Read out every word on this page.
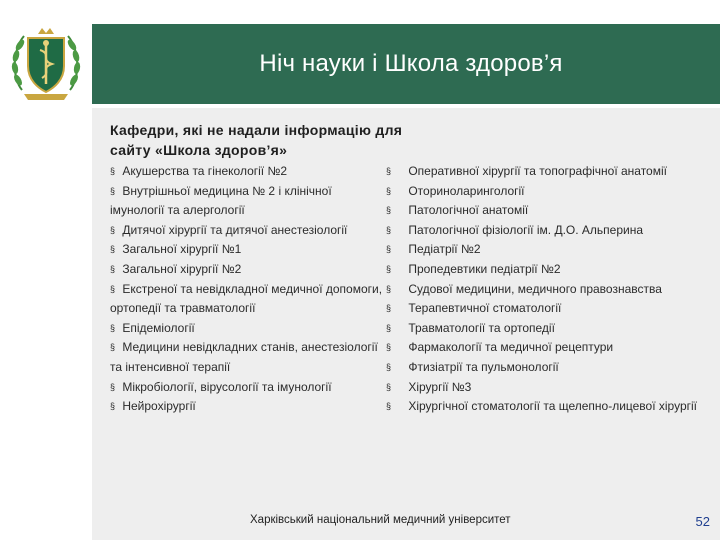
Ніч науки і Школа здоров’я
Кафедри, які не надали інформацію для сайту «Школа здоров’я»
§ Акушерства та гінекології №2
§ Внутрішньої медицина № 2 і клінічної імунології та алергології
§ Дитячої хірургії та дитячої анестезіології
§ Загальної хірургії №1
§ Загальної хірургії №2
§ Екстреної та невідкладної медичної допомоги, ортопедії та травматології
§ Епідеміології
§ Медицини невідкладних станів, анестезіології та інтенсивної терапії
§ Мікробіології, вірусології та імунології
§ Нейрохірургії
§ Оперативної хірургії та топографічної анатомії
§ Оториноларингології
§ Патологічної анатомії
§ Патологічної фізіології ім. Д.О. Альперина
§ Педіатрії №2
§ Пропедевтики педіатрії №2
§ Судової медицини, медичного правознавства
§ Терапевтичної стоматології
§ Травматології та ортопедії
§ Фармакології та медичної рецептури
§ Фтизіатрії та пульмонології
§ Хірургії №3
§ Хірургічної стоматології та щелепно-лицевої хірургії
Харківський національний медичний університет	52
